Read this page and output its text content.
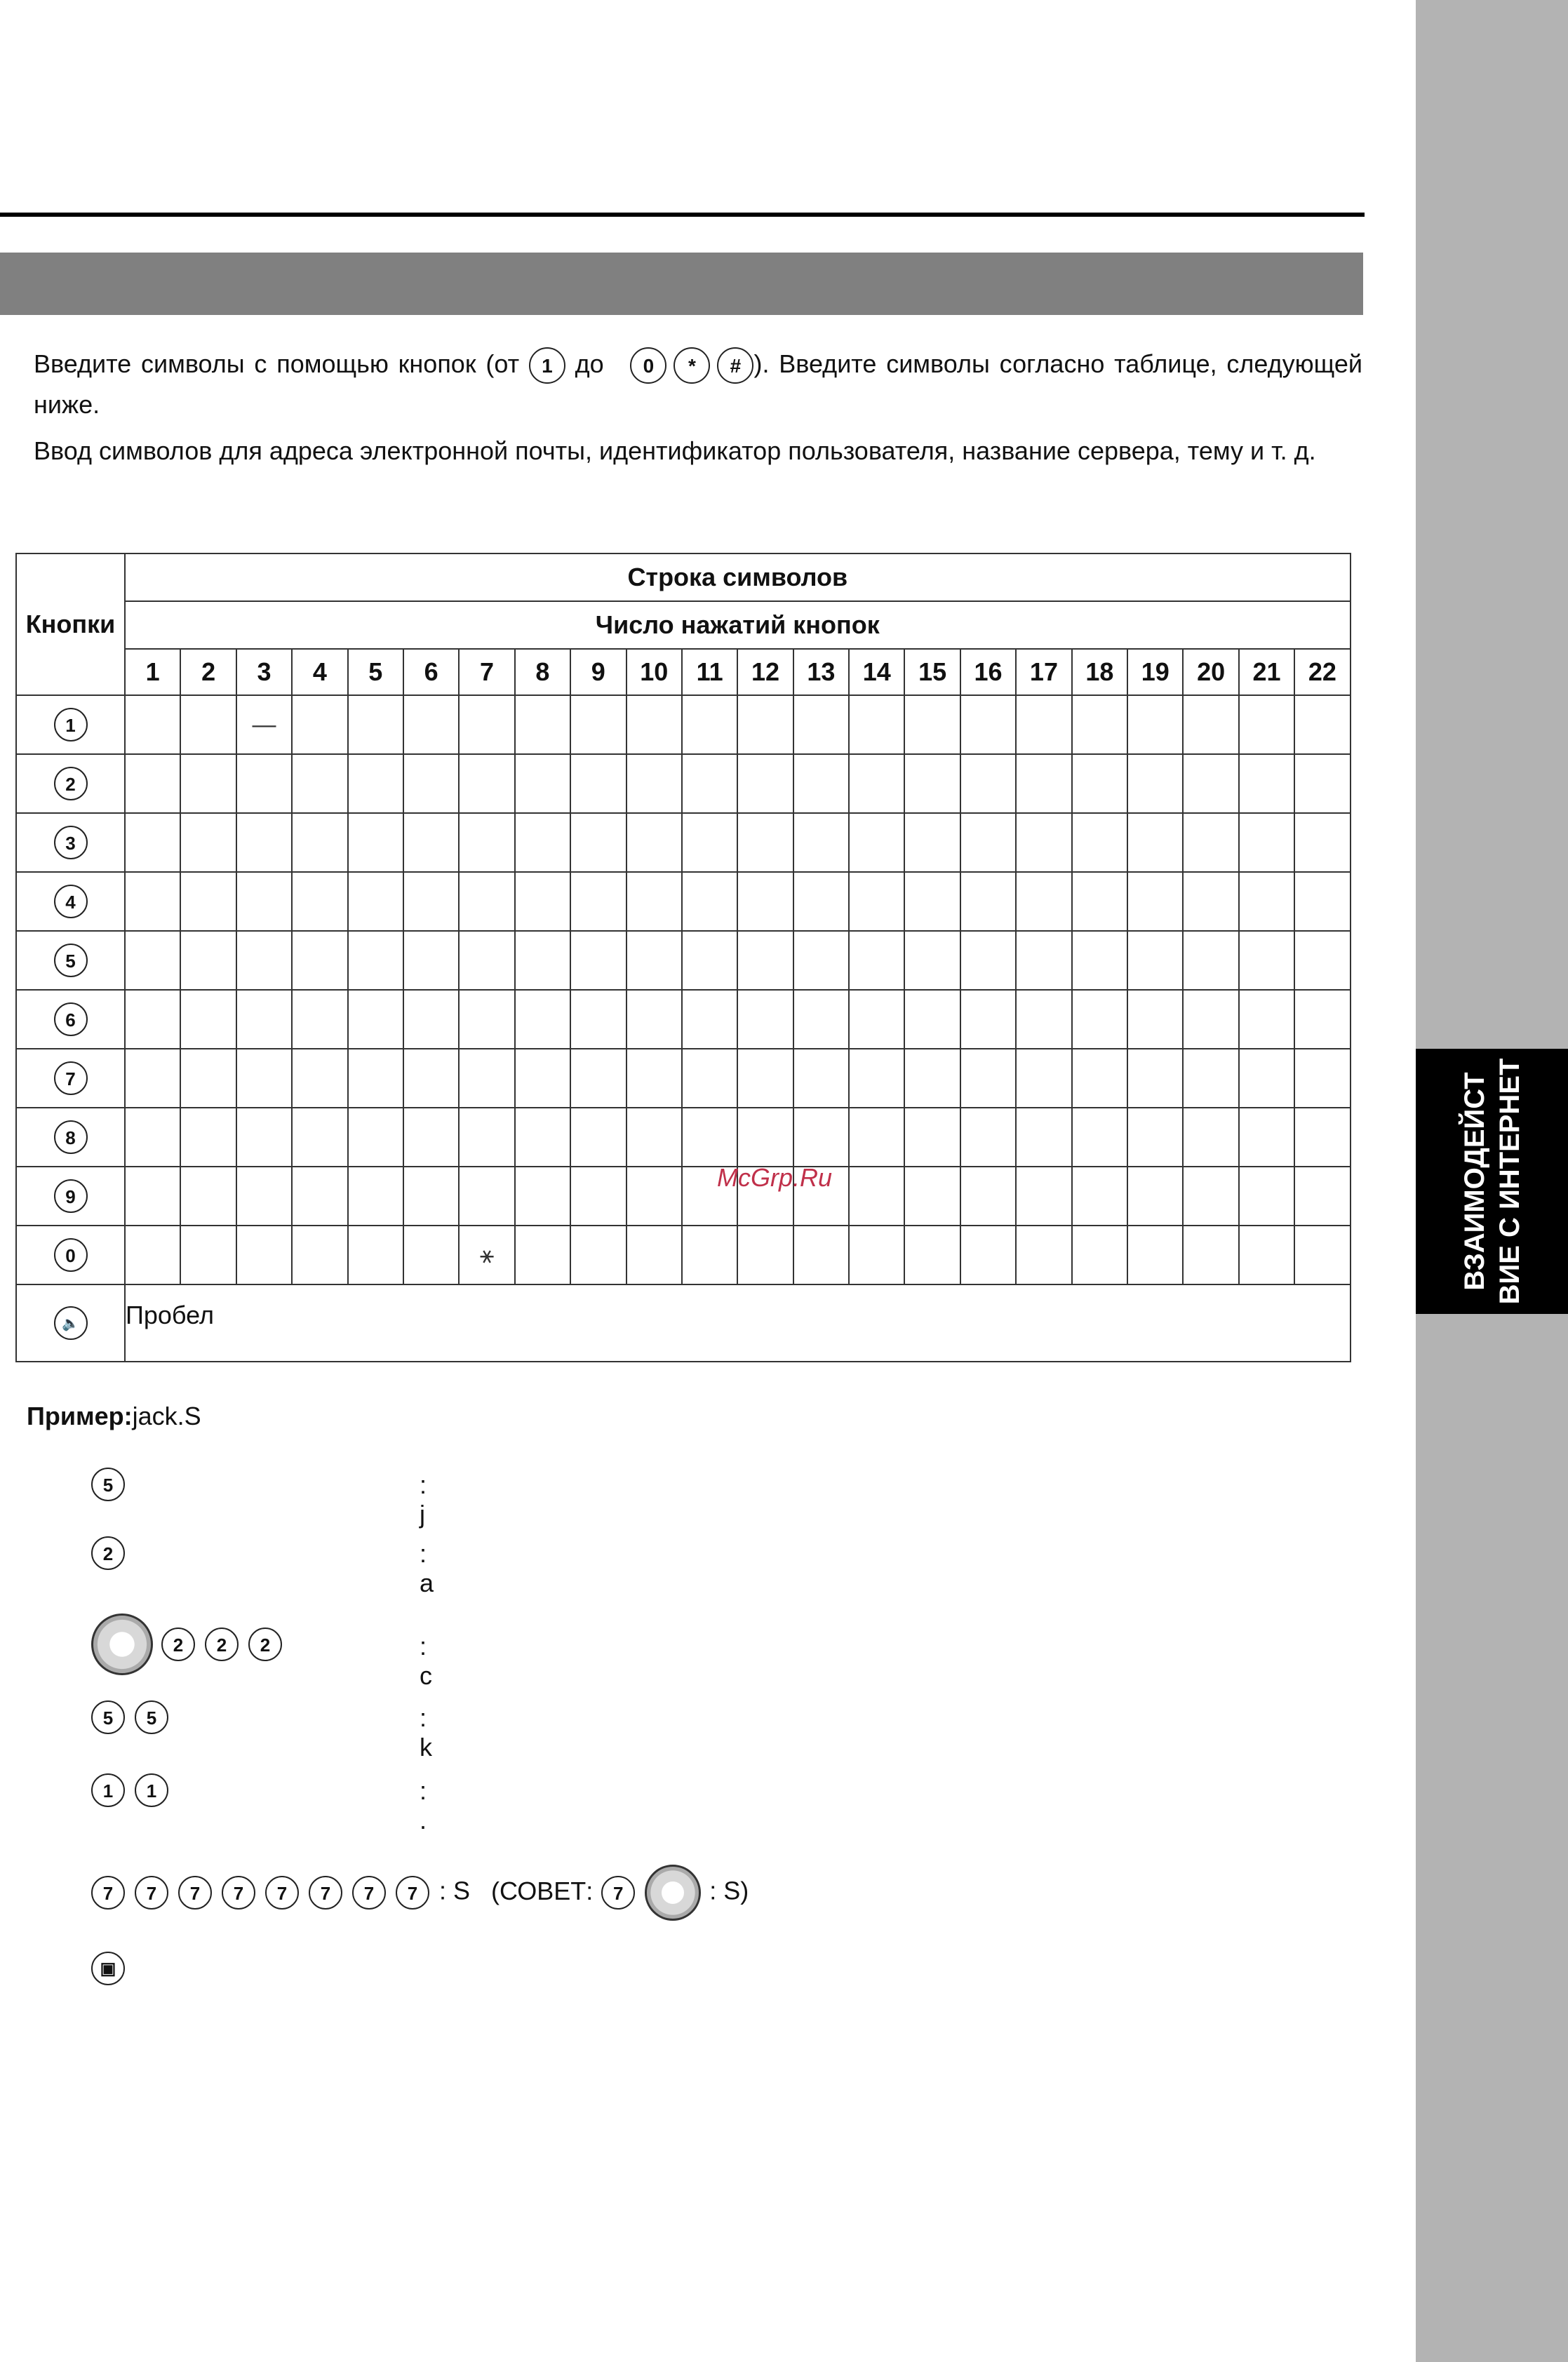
ВЗАИМОДЕЙСТ ВИЕ С ИНТЕРНЕТ
Введите символы с помощью кнопок (от 1 до 0 * # ). Введите символы согласно таблице, следующей ниже.
Ввод символов для адреса электронной почты, идентификатор пользователя, название сервера, тему и т. д.
Кнопки	Строка символов																					
	Число нажатий кнопок																					
	1	2	3	4	5	6	7	8	9	10	11	12	13	14	15	16	17	18	19	20	21	22
1			—																			
2																						
3																						
4																						
5																						
6																						
7																						
8																						
9																						
0							⚹															
🔈	Пробел																					
McGrp.Ru
Пример:jack.S
5	: j
2	: a
2 2 2	: c
5 5	: k
1 1	: .
7 7 7 7 7 7 7 7 : S (СОВЕТ: 7	: S)
▣
